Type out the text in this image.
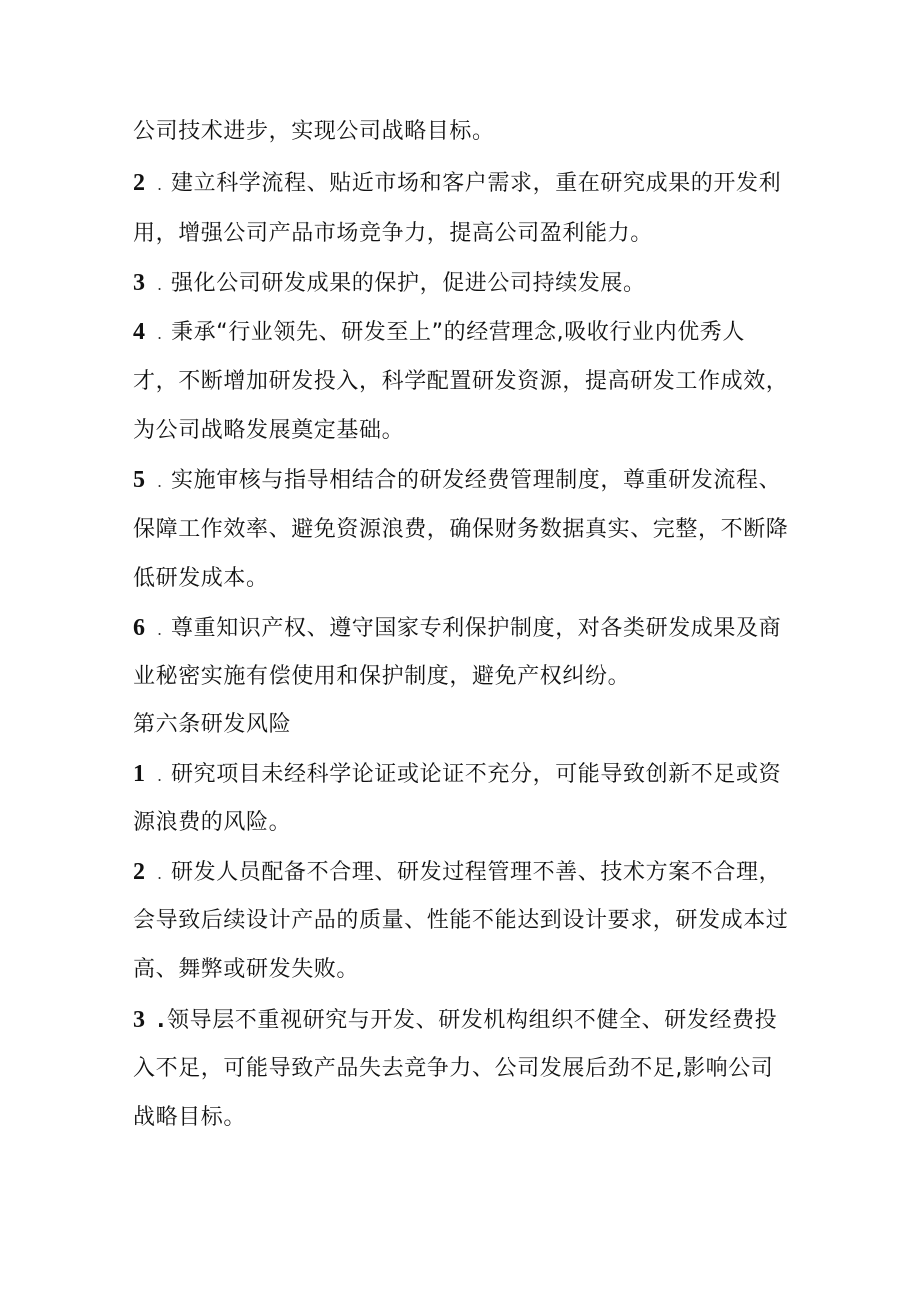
公司技术进步，实现公司战略目标。
2 . 建立科学流程、贴近市场和客户需求，重在研究成果的开发利
用，增强公司产品市场竞争力，提高公司盈利能力。
3 . 强化公司研发成果的保护，促进公司持续发展。
4 . 秉承“行业领先、研发至上”的经营理念,吸收行业内优秀人
才，不断增加研发投入，科学配置研发资源，提高研发工作成效，
为公司战略发展奠定基础。
5 . 实施审核与指导相结合的研发经费管理制度，尊重研发流程、
保障工作效率、避免资源浪费，确保财务数据真实、完整，不断降
低研发成本。
6 . 尊重知识产权、遵守国家专利保护制度，对各类研发成果及商
业秘密实施有偿使用和保护制度，避免产权纠纷。
第六条研发风险
1 . 研究项目未经科学论证或论证不充分，可能导致创新不足或资
源浪费的风险。
2 . 研发人员配备不合理、研发过程管理不善、技术方案不合理，
会导致后续设计产品的质量、性能不能达到设计要求，研发成本过
高、舞弊或研发失败。
3 .领导层不重视研究与开发、研发机构组织不健全、研发经费投
入不足，可能导致产品失去竞争力、公司发展后劲不足,影响公司
战略目标。
